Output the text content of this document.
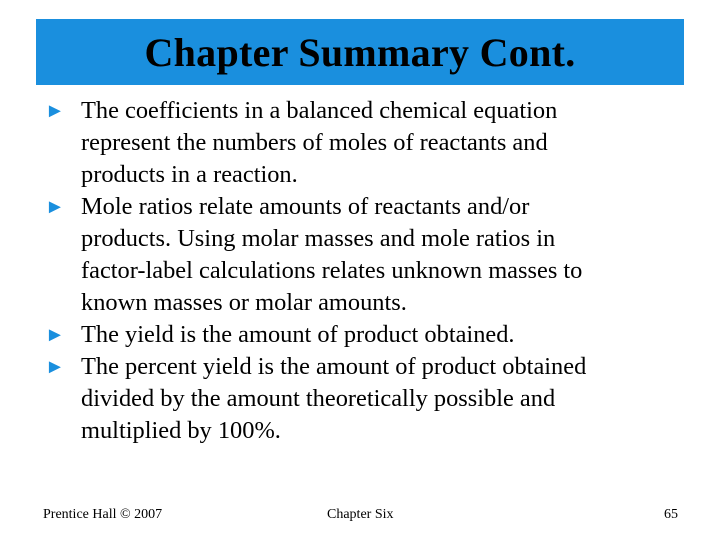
Chapter Summary Cont.
► The coefficients in a balanced chemical equation
represent the numbers of moles of reactants and
products in a reaction.
► Mole ratios relate amounts of reactants and/or
products. Using molar masses and mole ratios in
factor-label calculations relates unknown masses to
known masses or molar amounts.
► The yield is the amount of product obtained.
► The percent yield is the amount of product obtained
divided by the amount theoretically possible and
multiplied by 100%.
Prentice Hall © 2007	Chapter Six	65
